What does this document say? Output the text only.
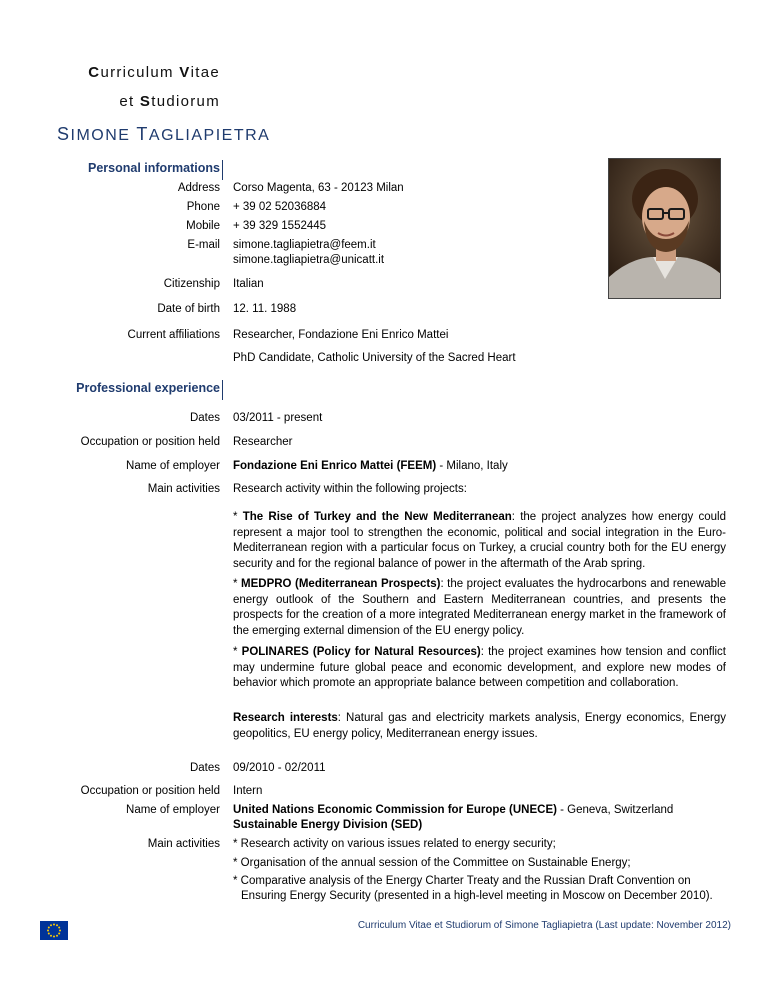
Curriculum Vitae
et Studiorum
SIMONE TAGLIAPIETRA
Personal informations
Address Corso Magenta, 63 - 20123 Milan
Phone + 39 02 52036884
Mobile + 39 329 1552445
E-mail simone.tagliapietra@feem.it
simone.tagliapietra@unicatt.it
Citizenship Italian
Date of birth 12. 11. 1988
Current affiliations Researcher, Fondazione Eni Enrico Mattei
PhD Candidate, Catholic University of the Sacred Heart
Professional experience
Dates 03/2011 - present
Occupation or position held Researcher
Name of employer Fondazione Eni Enrico Mattei (FEEM) - Milano, Italy
Main activities Research activity within the following projects:
* The Rise of Turkey and the New Mediterranean: the project analyzes how energy could represent a major tool to strengthen the economic, political and social integration in the Euro-Mediterranean region with a particular focus on Turkey, a crucial country both for the EU energy security and for the regional balance of power in the aftermath of the Arab spring.
* MEDPRO (Mediterranean Prospects): the project evaluates the hydrocarbons and renewable energy outlook of the Southern and Eastern Mediterranean countries, and presents the prospects for the creation of a more integrated Mediterranean energy market in the framework of the emerging external dimension of the EU energy policy.
* POLINARES (Policy for Natural Resources): the project examines how tension and conflict may undermine future global peace and economic development, and explore new modes of behavior which promote an appropriate balance between competition and collaboration.
Research interests: Natural gas and electricity markets analysis, Energy economics, Energy geopolitics, EU energy policy, Mediterranean energy issues.
Dates 09/2010 - 02/2011
Occupation or position held Intern
Name of employer United Nations Economic Commission for Europe (UNECE) - Geneva, Switzerland
Sustainable Energy Division (SED)
Main activities * Research activity on various issues related to energy security;
* Organisation of the annual session of the Committee on Sustainable Energy;
* Comparative analysis of the Energy Charter Treaty and the Russian Draft Convention on
Ensuring Energy Security (presented in a high-level meeting in Moscow on December 2010).
Curriculum Vitae et Studiorum of Simone Tagliapietra (Last update: November 2012)
